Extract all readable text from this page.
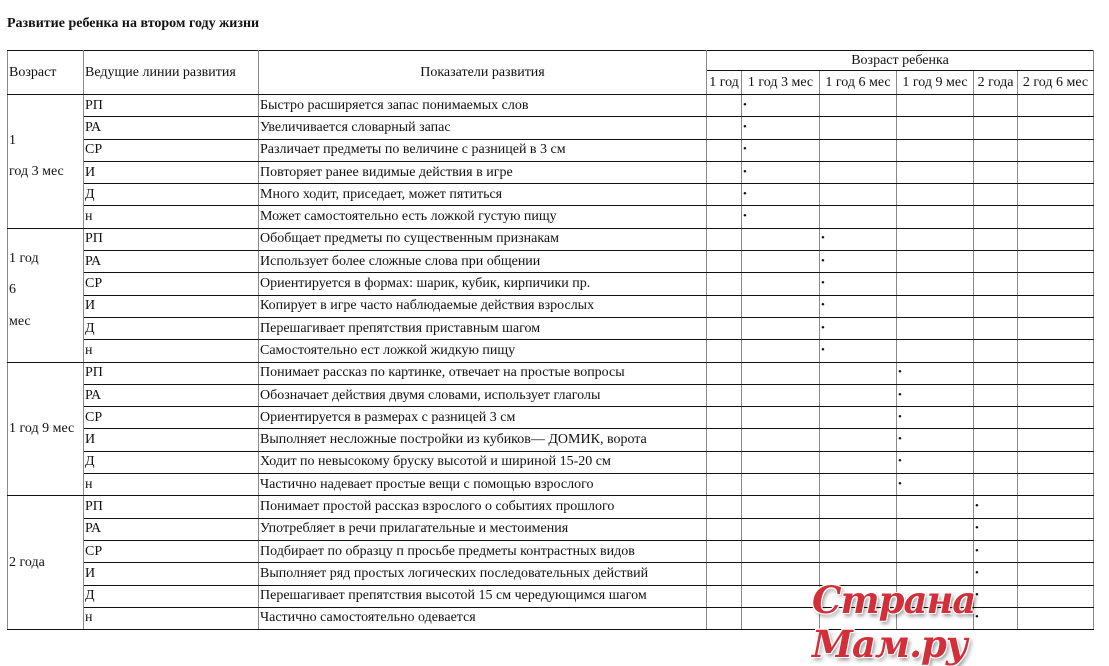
Развитие ребенка на втором году жизни
Возраст	Ведущие линии развития	Показатели развития	Возраст ребенка					
			1 год	1 год 3 мес	1 год 6 мес	1 год 9 мес	2 года	2 год 6 мес

1
год 3 мес	РП	Быстро расширяется запас понимаемых слов		•				
	РА	Увеличивается словарный запас		•				
	СР	Различает предметы по величине с разницей в 3 см		•				
	И	Повторяет ранее видимые действия в игре		•				
	Д	Много ходит, приседает, может пятиться		•				
	н	Может самостоятельно есть ложкой густую пищу		•				

1 год
6
мес	РП	Обобщает предметы по существенным признакам			•			
	РА	Использует более сложные слова при общении			•			
	СР	Ориентируется в формах: шарик, кубик, кирпичики пр.			•			
	И	Копирует в игре часто наблюдаемые действия взрослых			•			
	Д	Перешагивает препятствия приставным шагом			•			
	н	Самостоятельно ест ложкой жидкую пищу			•			

1 год 9 мес	РП	Понимает рассказ по картинке, отвечает на простые вопросы				•		
	РА	Обозначает действия двумя словами, использует глаголы				•		
	СР	Ориентируется в размерах с разницей 3 см				•		
	И	Выполняет несложные постройки из кубиков— ДОМИК, ворота				•		
	Д	Ходит по невысокому бруску высотой и шириной 15-20 см				•		
	н	Частично надевает простые вещи с помощью взрослого				•		

2 года	РП	Понимает простой рассказ взрослого о событиях прошлого					•	
	РА	Употребляет в речи прилагательные и местоимения					•	
	СР	Подбирает по образцу п просьбе предметы контрастных видов					•	
	И	Выполняет ряд простых логических последовательных действий					•	
	Д	Перешагивает препятствия высотой 15 см чередующимся шагом					•	
	н	Частично самостоятельно одевается					•	
Страна Мам.ру
